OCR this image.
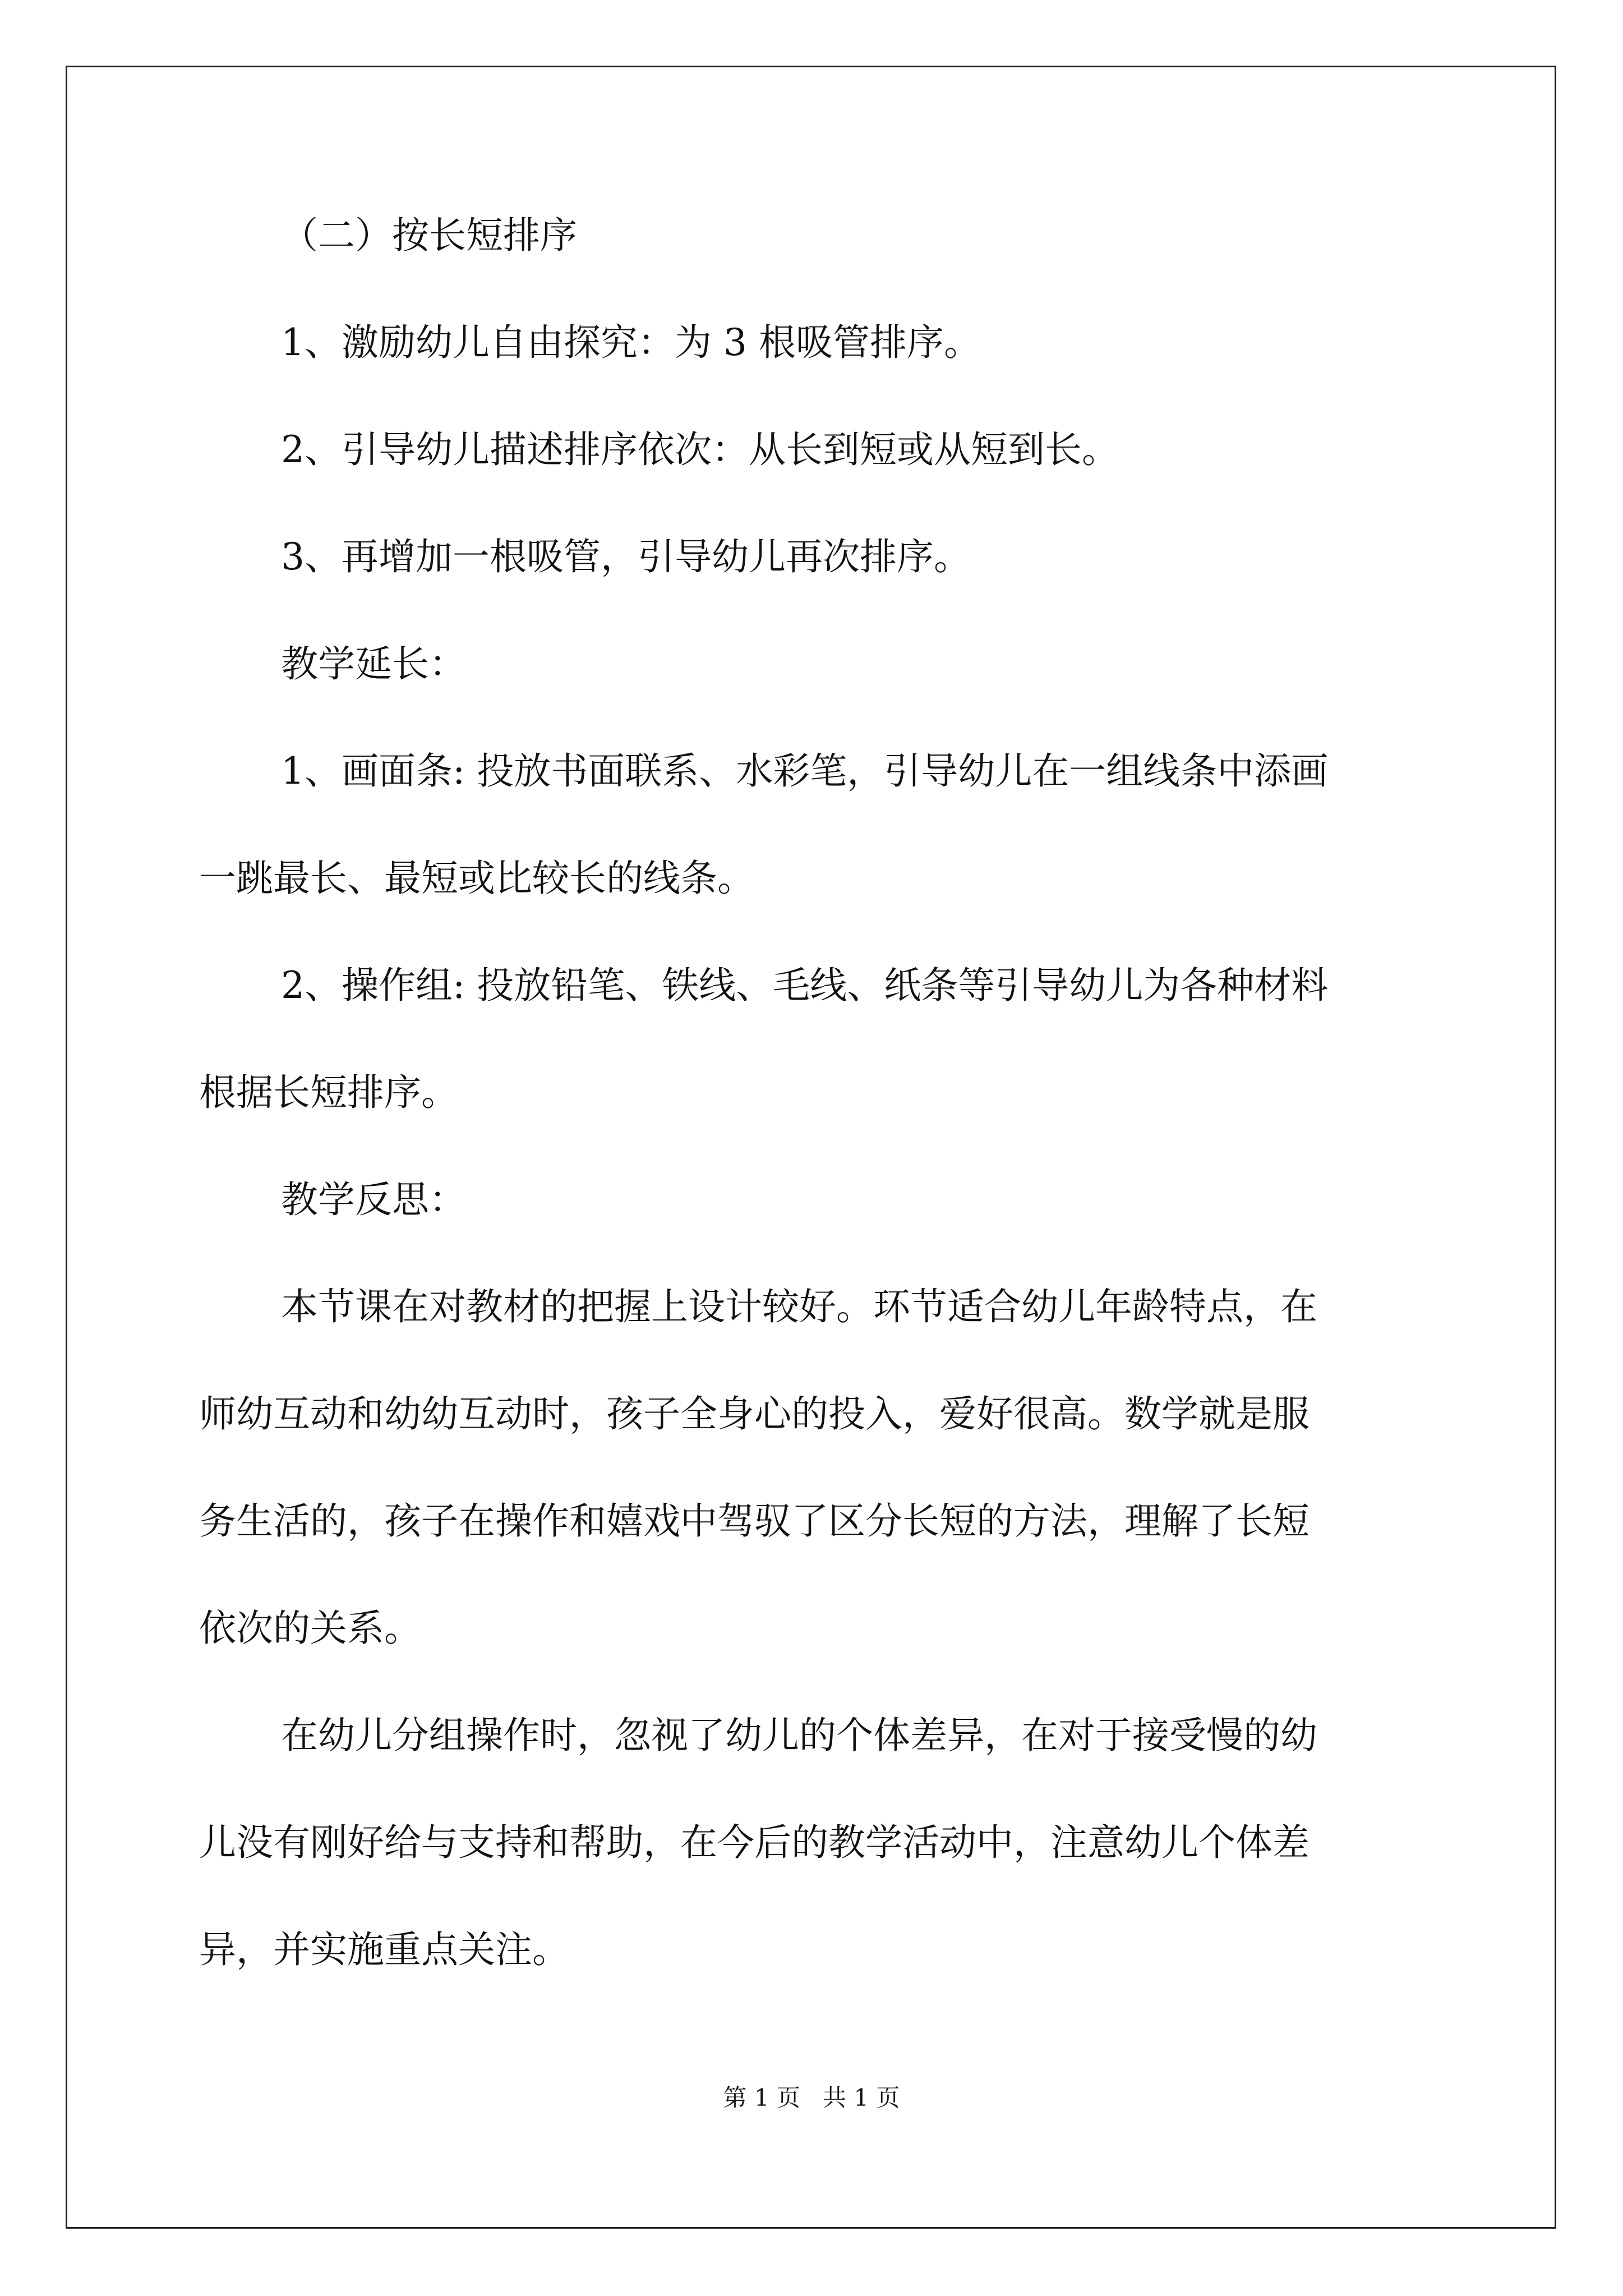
（二）按长短排序
1、激励幼儿自由探究：为 3 根吸管排序。
2、引导幼儿描述排序依次：从长到短或从短到长。
3、再增加一根吸管，引导幼儿再次排序。
教学延长：
1、画面条: 投放书面联系、水彩笔，引导幼儿在一组线条中添画
一跳最长、最短或比较长的线条。
2、操作组: 投放铅笔、铁线、毛线、纸条等引导幼儿为各种材料
根据长短排序。
教学反思：
本节课在对教材的把握上设计较好。环节适合幼儿年龄特点，在
师幼互动和幼幼互动时，孩子全身心的投入，爱好很高。数学就是服
务生活的，孩子在操作和嬉戏中驾驭了区分长短的方法，理解了长短
依次的关系。
在幼儿分组操作时，忽视了幼儿的个体差异，在对于接受慢的幼
儿没有刚好给与支持和帮助，在今后的教学活动中，注意幼儿个体差
异，并实施重点关注。
第 1 页   共 1 页
